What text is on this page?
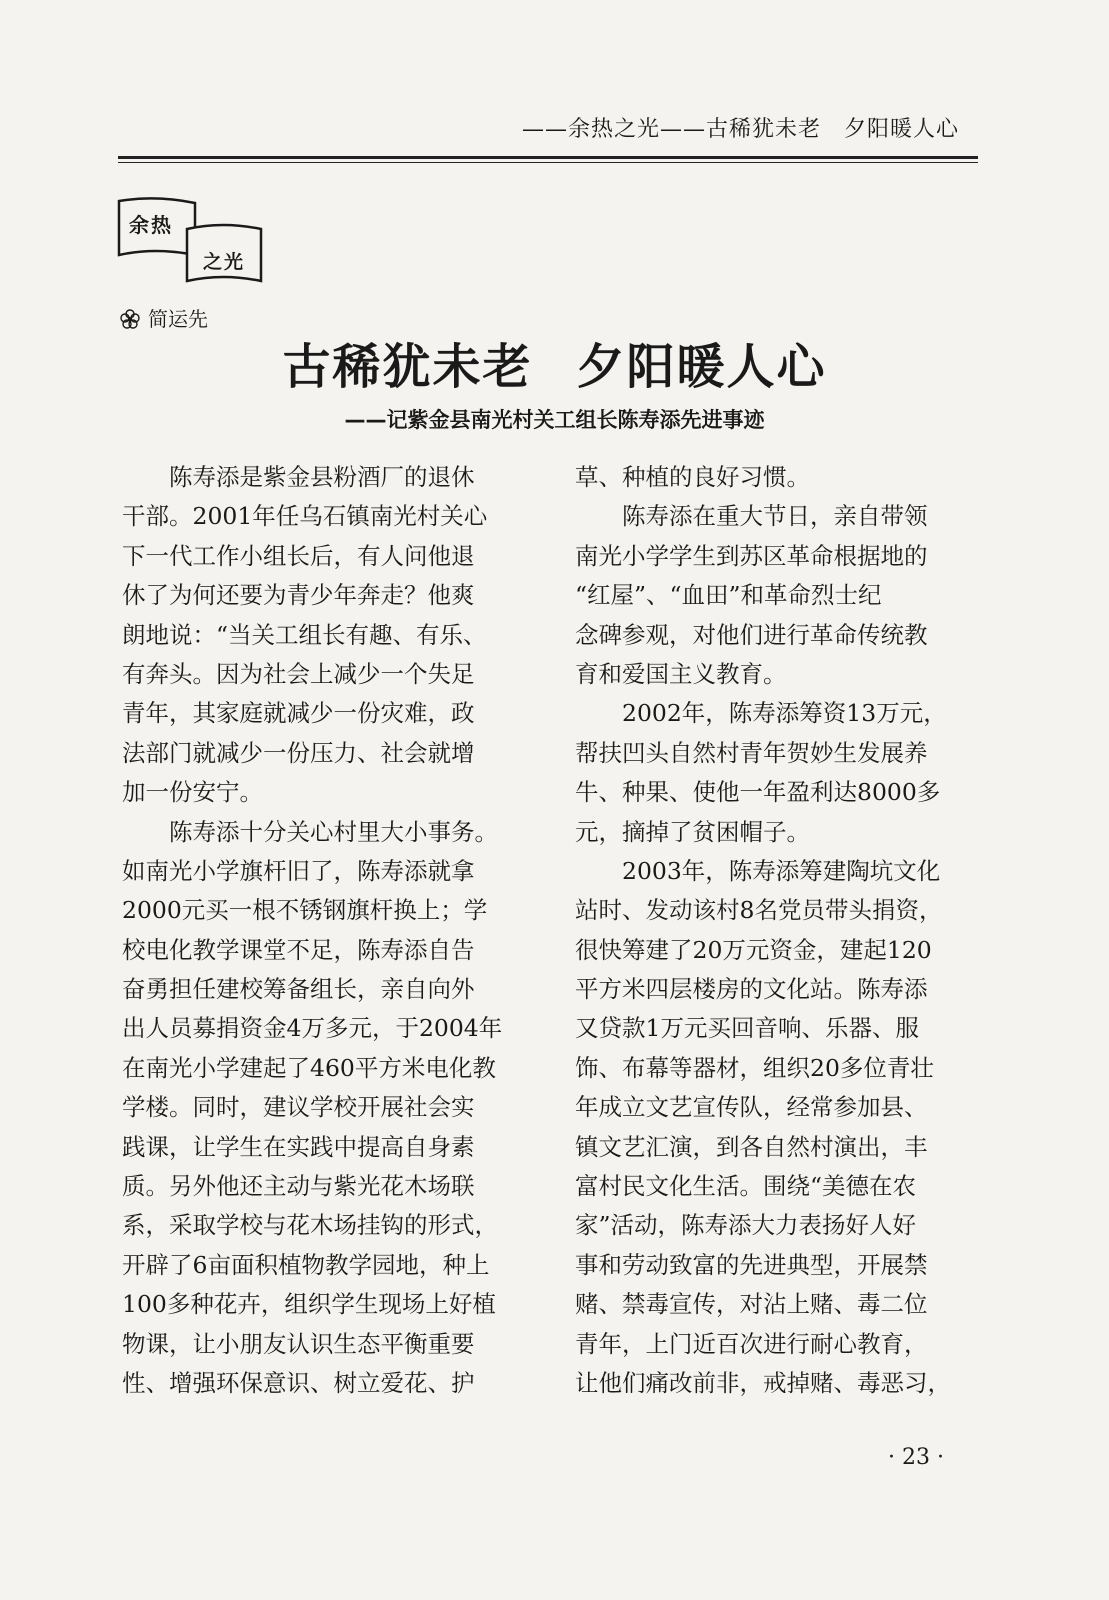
——余热之光——古稀犹未老　夕阳暖人心
余热
之光
简运先
古稀犹未老 夕阳暖人心
——记紫金县南光村关工组长陈寿添先进事迹
　　陈寿添是紫金县粉酒厂的退休
干部。2001年任乌石镇南光村关心
下一代工作小组长后，有人问他退
休了为何还要为青少年奔走？他爽
朗地说：“当关工组长有趣、有乐、
有奔头。因为社会上减少一个失足
青年，其家庭就减少一份灾难，政
法部门就减少一份压力、社会就增
加一份安宁。
　　陈寿添十分关心村里大小事务。
如南光小学旗杆旧了，陈寿添就拿
2000元买一根不锈钢旗杆换上；学
校电化教学课堂不足，陈寿添自告
奋勇担任建校筹备组长，亲自向外
出人员募捐资金4万多元，于2004年
在南光小学建起了460平方米电化教
学楼。同时，建议学校开展社会实
践课，让学生在实践中提高自身素
质。另外他还主动与紫光花木场联
系，采取学校与花木场挂钩的形式，
开辟了6亩面积植物教学园地，种上
100多种花卉，组织学生现场上好植
物课，让小朋友认识生态平衡重要
性、增强环保意识、树立爱花、护
草、种植的良好习惯。
　　陈寿添在重大节日，亲自带领
南光小学学生到苏区革命根据地的
“红屋”、“血田”和革命烈士纪
念碑参观，对他们进行革命传统教
育和爱国主义教育。
　　2002年，陈寿添筹资13万元，
帮扶凹头自然村青年贺妙生发展养
牛、种果、使他一年盈利达8000多
元，摘掉了贫困帽子。
　　2003年，陈寿添筹建陶坑文化
站时、发动该村8名党员带头捐资，
很快筹建了20万元资金，建起120
平方米四层楼房的文化站。陈寿添
又贷款1万元买回音响、乐器、服
饰、布幕等器材，组织20多位青壮
年成立文艺宣传队，经常参加县、
镇文艺汇演，到各自然村演出，丰
富村民文化生活。围绕“美德在农
家”活动，陈寿添大力表扬好人好
事和劳动致富的先进典型，开展禁
赌、禁毒宣传，对沾上赌、毒二位
青年，上门近百次进行耐心教育，
让他们痛改前非，戒掉赌、毒恶习，
· 23 ·
